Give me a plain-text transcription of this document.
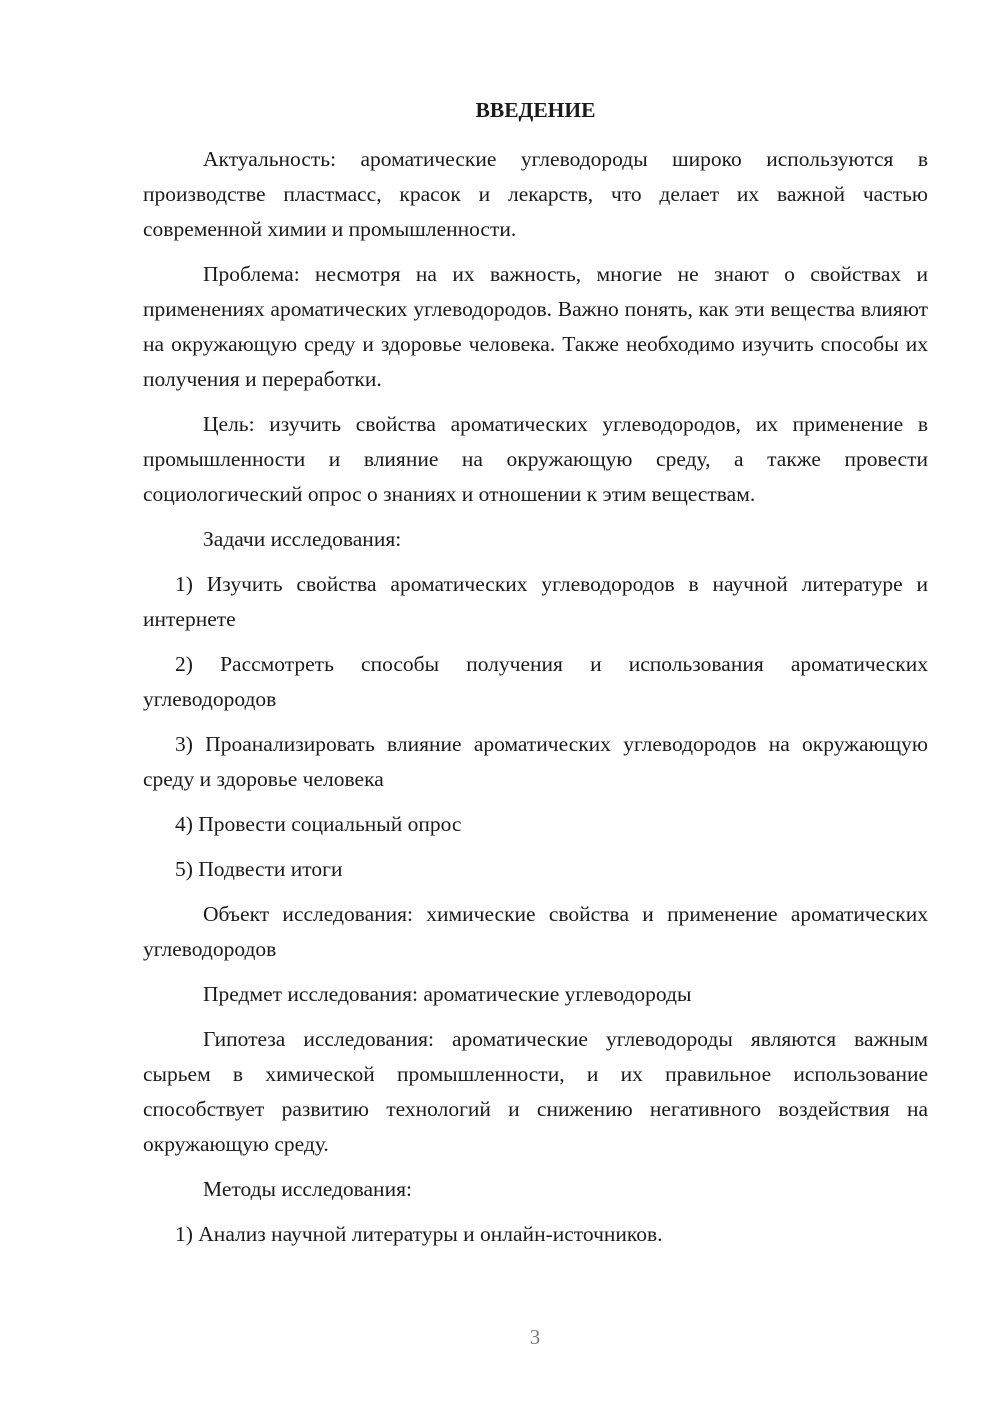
ВВЕДЕНИЕ

Актуальность: ароматические углеводороды широко используются в производстве пластмасс, красок и лекарств, что делает их важной частью современной химии и промышленности.

Проблема: несмотря на их важность, многие не знают о свойствах и применениях ароматических углеводородов. Важно понять, как эти вещества влияют на окружающую среду и здоровье человека. Также необходимо изучить способы их получения и переработки.

Цель: изучить свойства ароматических углеводородов, их применение в промышленности и влияние на окружающую среду, а также провести социологический опрос о знаниях и отношении к этим веществам.

Задачи исследования:

1) Изучить свойства ароматических углеводородов в научной литературе и интернете

2) Рассмотреть способы получения и использования ароматических углеводородов

3) Проанализировать влияние ароматических углеводородов на окружающую среду и здоровье человека

4) Провести социальный опрос

5) Подвести итоги

Объект исследования: химические свойства и применение ароматических углеводородов

Предмет исследования: ароматические углеводороды

Гипотеза исследования: ароматические углеводороды являются важным сырьем в химической промышленности, и их правильное использование способствует развитию технологий и снижению негативного воздействия на окружающую среду.

Методы исследования:

1) Анализ научной литературы и онлайн-источников.

3
